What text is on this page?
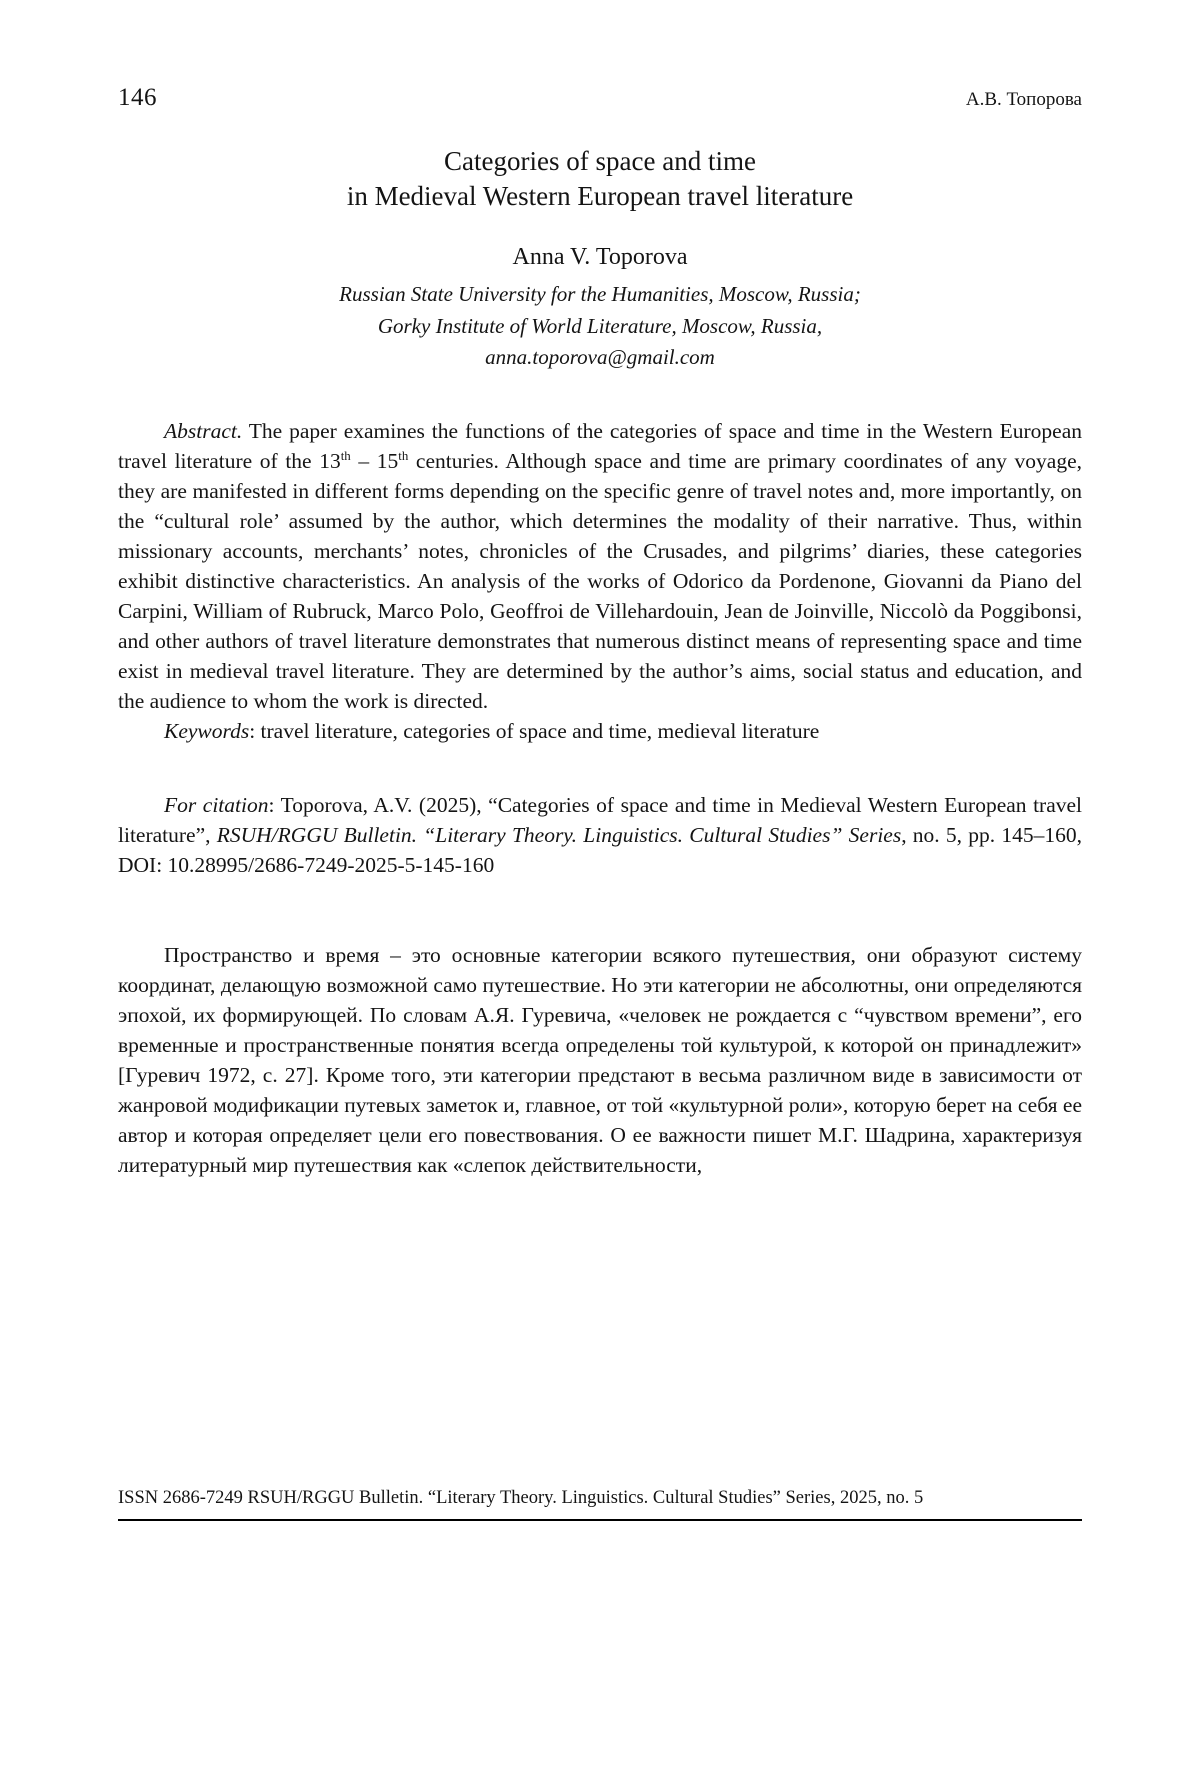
146	А.В. Топорова
Categories of space and time
in Medieval Western European travel literature
Anna V. Toporova
Russian State University for the Humanities, Moscow, Russia;
Gorky Institute of World Literature, Moscow, Russia,
anna.toporova@gmail.com

Abstract. The paper examines the functions of the categories of space and time in the Western European travel literature of the 13th – 15th centuries. Although space and time are primary coordinates of any voyage, they are manifested in different forms depending on the specific genre of travel notes and, more importantly, on the “cultural role’ assumed by the author, which determines the modality of their narrative. Thus, within missionary accounts, merchants’ notes, chronicles of the Crusades, and pilgrims’ diaries, these categories exhibit distinctive characteristics. An analysis of the works of Odorico da Pordenone, Giovanni da Piano del Carpini, William of Rubruck, Marco Polo, Geoffroi de Villehardouin, Jean de Joinville, Niccolò da Poggibonsi, and other authors of travel literature demonstrates that numerous distinct means of representing space and time exist in medieval travel literature. They are determined by the author’s aims, social status and education, and the audience to whom the work is directed.

Keywords: travel literature, categories of space and time, medieval literature

For citation: Toporova, A.V. (2025), “Categories of space and time in Medieval Western European travel literature”, RSUH/RGGU Bulletin. “Literary Theory. Linguistics. Cultural Studies” Series, no. 5, pp. 145–160, DOI: 10.28995/2686-7249-2025-5-145-160

Пространство и время – это основные категории всякого путешествия, они образуют систему координат, делающую возможной само путешествие. Но эти категории не абсолютны, они определяются эпохой, их формирующей. По словам А.Я. Гуревича, «человек не рождается с “чувством времени”, его временные и пространственные понятия всегда определены той культурой, к которой он принадлежит» [Гуревич 1972, с. 27]. Кроме того, эти категории предстают в весьма различном виде в зависимости от жанровой модификации путевых заметок и, главное, от той «культурной роли», которую берет на себя ее автор и которая определяет цели его повествования. О ее важности пишет М.Г. Шадрина, характеризуя литературный мир путешествия как «слепок действительности,

ISSN 2686-7249 RSUH/RGGU Bulletin. “Literary Theory. Linguistics. Cultural Studies” Series, 2025, no. 5
